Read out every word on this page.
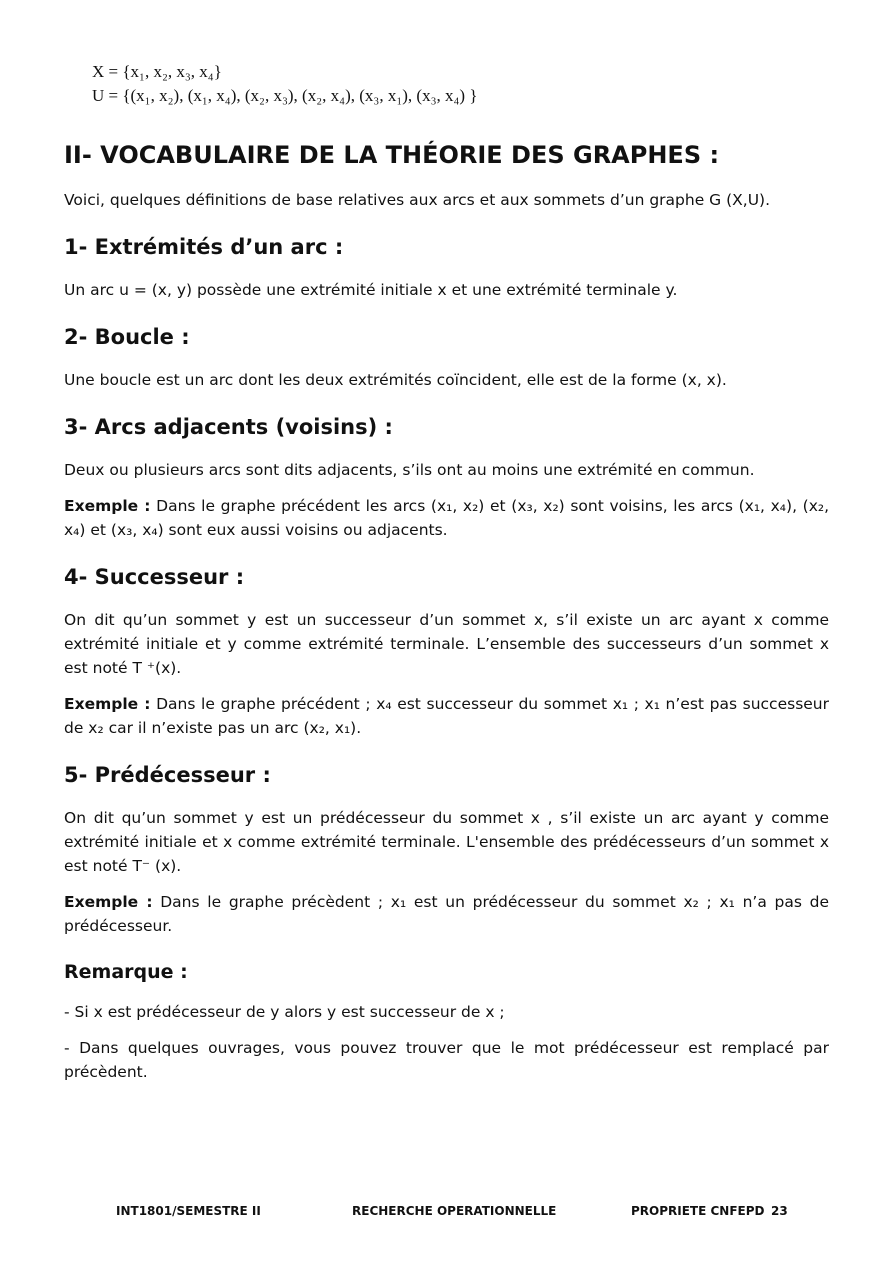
X = {x₁, x₂, x₃, x₄}
U = {(x₁, x₂), (x₁, x₄), (x₂, x₃), (x₂, x₄), (x₃, x₁), (x₃, x₄) }
II- VOCABULAIRE DE LA THÉORIE DES GRAPHES :

Voici, quelques définitions de base relatives aux arcs et aux sommets d’un graphe G (X,U).

1- Extrémités d’un arc :

Un arc u = (x, y) possède une extrémité initiale x et une extrémité terminale y.

2- Boucle :

Une boucle est un arc dont les deux extrémités coïncident, elle est de la forme (x, x).

3- Arcs adjacents (voisins) :

Deux ou plusieurs arcs sont dits adjacents, s’ils ont au moins une extrémité en commun.

Exemple : Dans le graphe précédent les arcs (x₁, x₂) et (x₃, x₂) sont voisins, les arcs (x₁, x₄), (x₂, x₄) et (x₃, x₄) sont eux aussi voisins ou adjacents.

4- Successeur :

On dit qu’un sommet y est un successeur d’un sommet x, s’il existe un arc ayant x comme extrémité initiale et y comme extrémité terminale. L’ensemble des successeurs d’un sommet x est noté T ⁺(x).

Exemple : Dans le graphe précédent ; x₄ est successeur du sommet x₁ ; x₁ n’est pas successeur de x₂ car il n’existe pas un arc (x₂, x₁).

5- Prédécesseur :

On dit qu’un sommet y est un prédécesseur du sommet x , s’il existe un arc ayant y comme extrémité initiale et x comme extrémité terminale. L'ensemble des prédécesseurs d’un sommet x est noté T⁻ (x).

Exemple : Dans le graphe précèdent ; x₁ est un prédécesseur du sommet x₂ ; x₁ n’a pas de prédécesseur.

Remarque :

- Si x est prédécesseur de y alors y est successeur de x ;

- Dans quelques ouvrages, vous pouvez trouver que le mot prédécesseur est remplacé par précèdent.

INT1801/SEMESTRE II	RECHERCHE OPERATIONNELLE	PROPRIETE CNFEPD 23
